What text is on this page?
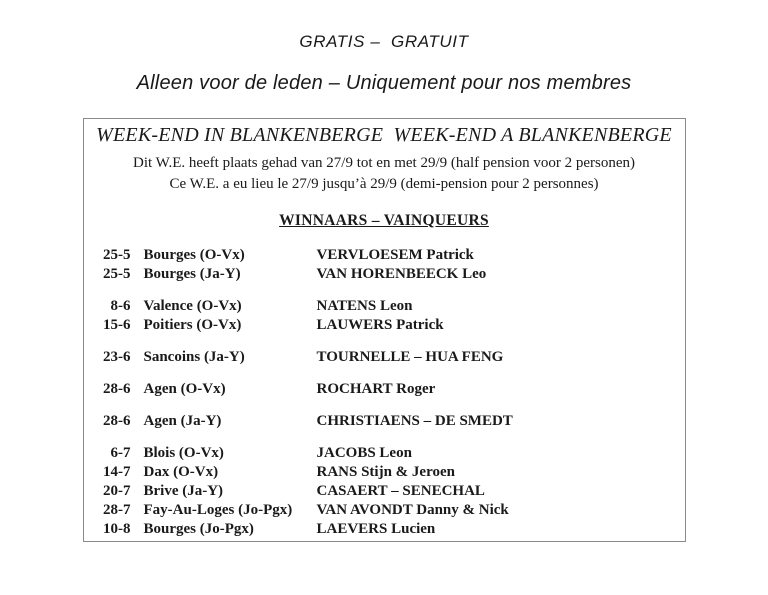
GRATIS –  GRATUIT
Alleen voor de leden – Uniquement pour nos membres
WEEK-END IN BLANKENBERGE  WEEK-END A BLANKENBERGE
Dit W.E. heeft plaats gehad van 27/9 tot en met 29/9 (half pension voor 2 personen)
Ce W.E. a eu lieu le 27/9 jusqu’à 29/9 (demi-pension pour 2 personnes)
WINNAARS – VAINQUEURS
25-5 Bourges (O-Vx)	VERVLOESEM Patrick
25-5 Bourges (Ja-Y)	VAN HORENBEECK Leo
8-6 Valence (O-Vx)	NATENS Leon
15-6 Poitiers (O-Vx)	LAUWERS Patrick
23-6 Sancoins (Ja-Y)	TOURNELLE – HUA FENG
28-6 Agen (O-Vx)	ROCHART Roger
28-6 Agen (Ja-Y)	CHRISTIAENS – DE SMEDT
6-7 Blois (O-Vx)	JACOBS Leon
14-7 Dax (O-Vx)	RANS Stijn & Jeroen
20-7 Brive (Ja-Y)	CASAERT – SENECHAL
28-7 Fay-Au-Loges (Jo-Pgx)	VAN AVONDT Danny & Nick
10-8 Bourges (Jo-Pgx)	LAEVERS Lucien
